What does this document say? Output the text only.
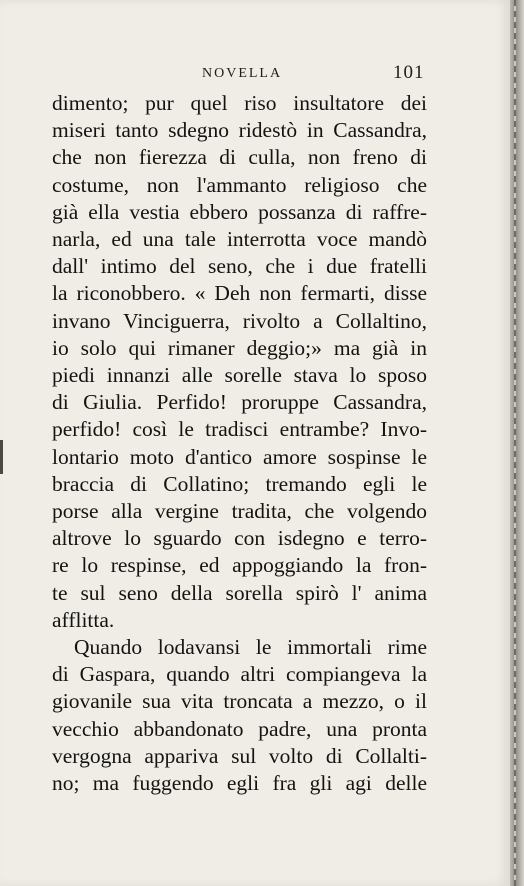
NOVELLA	101
dimento; pur quel riso insultatore dei
miseri tanto sdegno ridestò in Cassandra,
che non fierezza di culla, non freno di
costume, non l'ammanto religioso che
già ella vestia ebbero possanza di raffre-
narla, ed una tale interrotta voce mandò
dall' intimo del seno, che i due fratelli
la riconobbero. « Deh non fermarti, disse
invano Vinciguerra, rivolto a Collaltino,
io solo qui rimaner deggio;» ma già in
piedi innanzi alle sorelle stava lo sposo
di Giulia. Perfido! proruppe Cassandra,
perfido! così le tradisci entrambe? Invo-
lontario moto d'antico amore sospinse le
braccia di Collatino; tremando egli le
porse alla vergine tradita, che volgendo
altrove lo sguardo con isdegno e terro-
re lo respinse, ed appoggiando la fron-
te sul seno della sorella spirò l' anima
afflitta.
Quando lodavansi le immortali rime
di Gaspara, quando altri compiangeva la
giovanile sua vita troncata a mezzo, o il
vecchio abbandonato padre, una pronta
vergogna appariva sul volto di Collalti-
no; ma fuggendo egli fra gli agi delle
